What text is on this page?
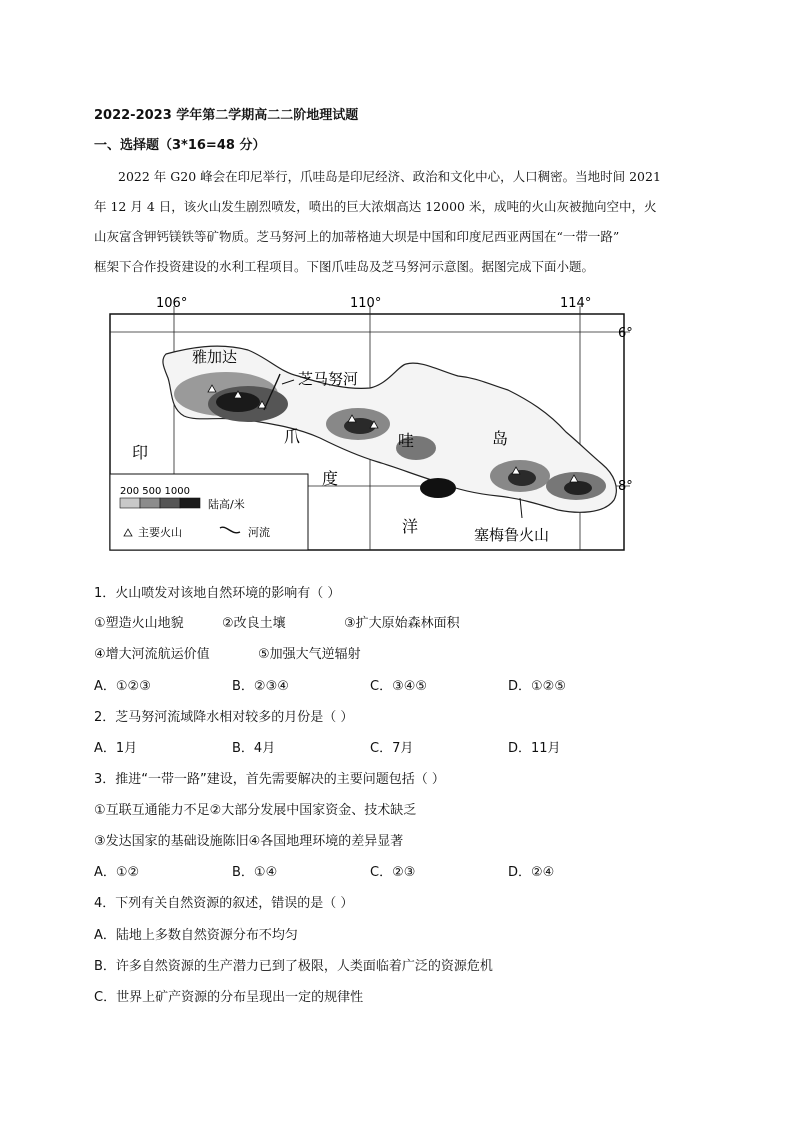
2022-2023 学年第二学期高二二阶地理试题
一、选择题（3*16=48 分）

2022 年 G20 峰会在印尼举行，爪哇岛是印尼经济、政治和文化中心，人口稠密。当地时间 2021

年 12 月 4 日，该火山发生剧烈喷发，喷出的巨大浓烟高达 12000 米，成吨的火山灰被抛向空中，火

山灰富含钾钙镁铁等矿物质。芝马努河上的加蒂格迪大坝是中国和印度尼西亚两国在“一带一路”

框架下合作投资建设的水利工程项目。下图爪哇岛及芝马努河示意图。据图完成下面小题。

106°	110°	114°
6°
8°
雅加达
芝马努河
爪	哇	岛
印
度
洋	塞梅鲁火山
200 500 1000
陆高/米
主要火山	河流
1．火山喷发对该地自然环境的影响有（ ）
①塑造火山地貌	②改良土壤	③扩大原始森林面积
④增大河流航运价值	⑤加强大气逆辐射
A．①②③	B．②③④	C．③④⑤	D．①②⑤
2．芝马努河流域降水相对较多的月份是（ ）
A．1月	B．4月	C．7月	D．11月
3．推进“一带一路”建设，首先需要解决的主要问题包括（ ）
①互联互通能力不足②大部分发展中国家资金、技术缺乏
③发达国家的基础设施陈旧④各国地理环境的差异显著
A．①②	B．①④	C．②③	D．②④
4．下列有关自然资源的叙述，错误的是（ ）
A．陆地上多数自然资源分布不均匀
B．许多自然资源的生产潜力已到了极限，人类面临着广泛的资源危机
C．世界上矿产资源的分布呈现出一定的规律性
